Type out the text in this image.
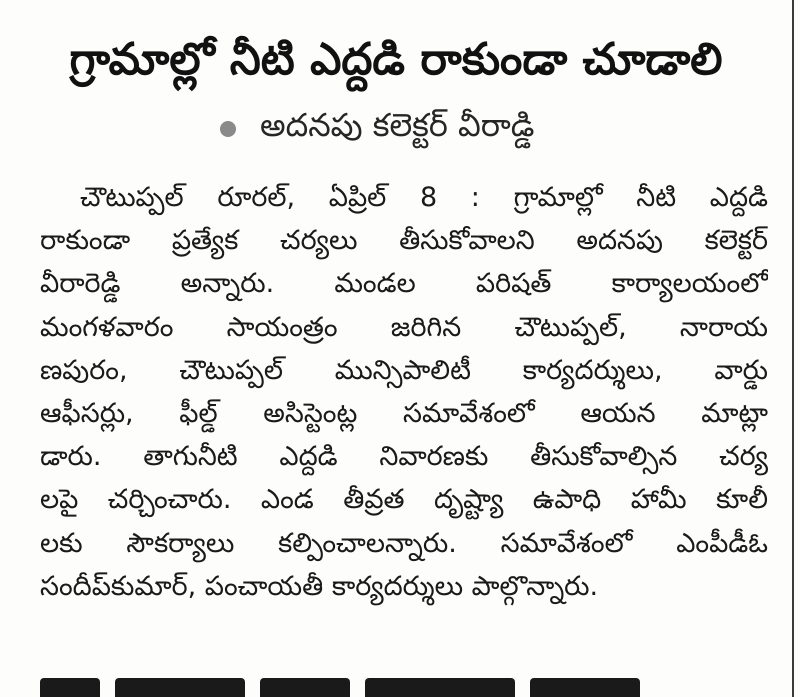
గ్రామాల్లో నీటి ఎద్దడి రాకుండా చూడాలి
అదనపు కలెక్టర్ వీరాడ్డి
చౌటుప్పల్ రూరల్, ఏప్రిల్ 8 : గ్రామాల్లో నీటి ఎద్దడి
రాకుండా ప్రత్యేక చర్యలు తీసుకోవాలని అదనపు కలెక్టర్
వీరారెడ్డి అన్నారు. మండల పరిషత్ కార్యాలయంలో
మంగళవారం సాయంత్రం జరిగిన చౌటుప్పల్, నారాయ
ణపురం, చౌటుప్పల్ మున్సిపాలిటీ కార్యదర్శులు, వార్డు
ఆఫీసర్లు, ఫీల్డ్ అసిస్టెంట్ల సమావేశంలో ఆయన మాట్లా
డారు. తాగునీటి ఎద్దడి నివారణకు తీసుకోవాల్సిన చర్య
లపై చర్చించారు. ఎండ తీవ్రత దృష్ట్యా ఉపాధి హామీ కూలీ
లకు సౌకర్యాలు కల్పించాలన్నారు. సమావేశంలో ఎంపీడీఓ
సందీప్‌కుమార్, పంచాయతీ కార్యదర్శులు పాల్గొన్నారు.
